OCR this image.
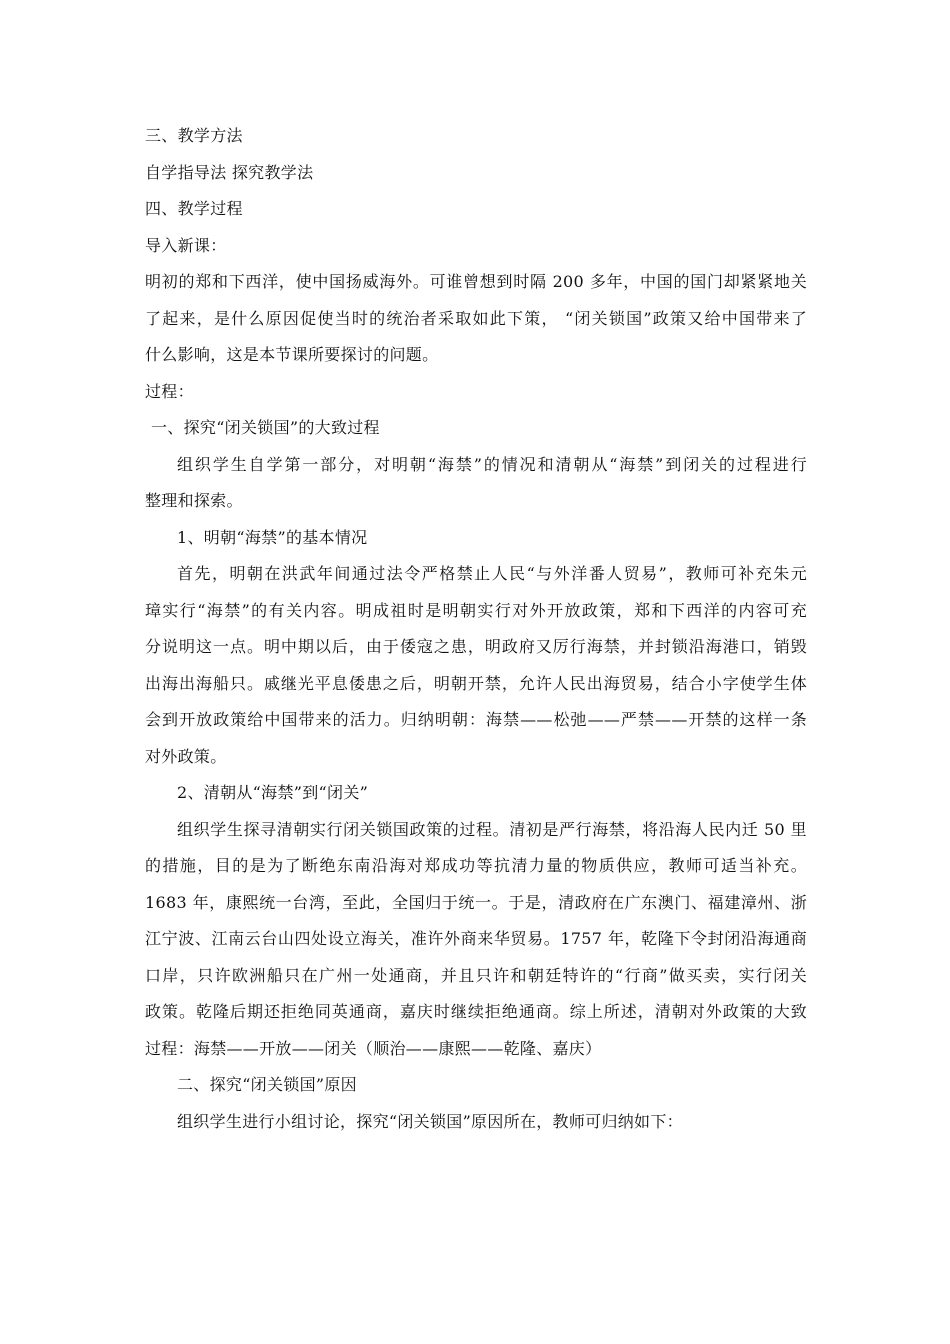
三、教学方法
自学指导法 探究教学法
四、教学过程
导入新课：
明初的郑和下西洋，使中国扬威海外。可谁曾想到时隔 200 多年，中国的国门却紧紧地关
了起来，是什么原因促使当时的统治者采取如此下策， “闭关锁国”政策又给中国带来了
什么影响，这是本节课所要探讨的问题。
过程：
一、探究“闭关锁国”的大致过程
组织学生自学第一部分，对明朝“海禁”的情况和清朝从“海禁”到闭关的过程进行
整理和探索。
1、明朝“海禁”的基本情况
首先，明朝在洪武年间通过法令严格禁止人民“与外洋番人贸易”，教师可补充朱元
璋实行“海禁”的有关内容。明成祖时是明朝实行对外开放政策，郑和下西洋的内容可充
分说明这一点。明中期以后，由于倭寇之患，明政府又厉行海禁，并封锁沿海港口，销毁
出海出海船只。戚继光平息倭患之后，明朝开禁，允许人民出海贸易，结合小字使学生体
会到开放政策给中国带来的活力。归纳明朝：海禁——松弛——严禁——开禁的这样一条
对外政策。
2、清朝从“海禁”到“闭关”
组织学生探寻清朝实行闭关锁国政策的过程。清初是严行海禁，将沿海人民内迁 50 里
的措施，目的是为了断绝东南沿海对郑成功等抗清力量的物质供应，教师可适当补充。
1683 年，康熙统一台湾，至此，全国归于统一。于是，清政府在广东澳门、福建漳州、浙
江宁波、江南云台山四处设立海关，准许外商来华贸易。1757 年，乾隆下令封闭沿海通商
口岸，只许欧洲船只在广州一处通商，并且只许和朝廷特许的“行商”做买卖，实行闭关
政策。乾隆后期还拒绝同英通商，嘉庆时继续拒绝通商。综上所述，清朝对外政策的大致
过程：海禁——开放——闭关（顺治——康熙——乾隆、嘉庆）
二、探究“闭关锁国”原因
组织学生进行小组讨论，探究“闭关锁国”原因所在，教师可归纳如下：
